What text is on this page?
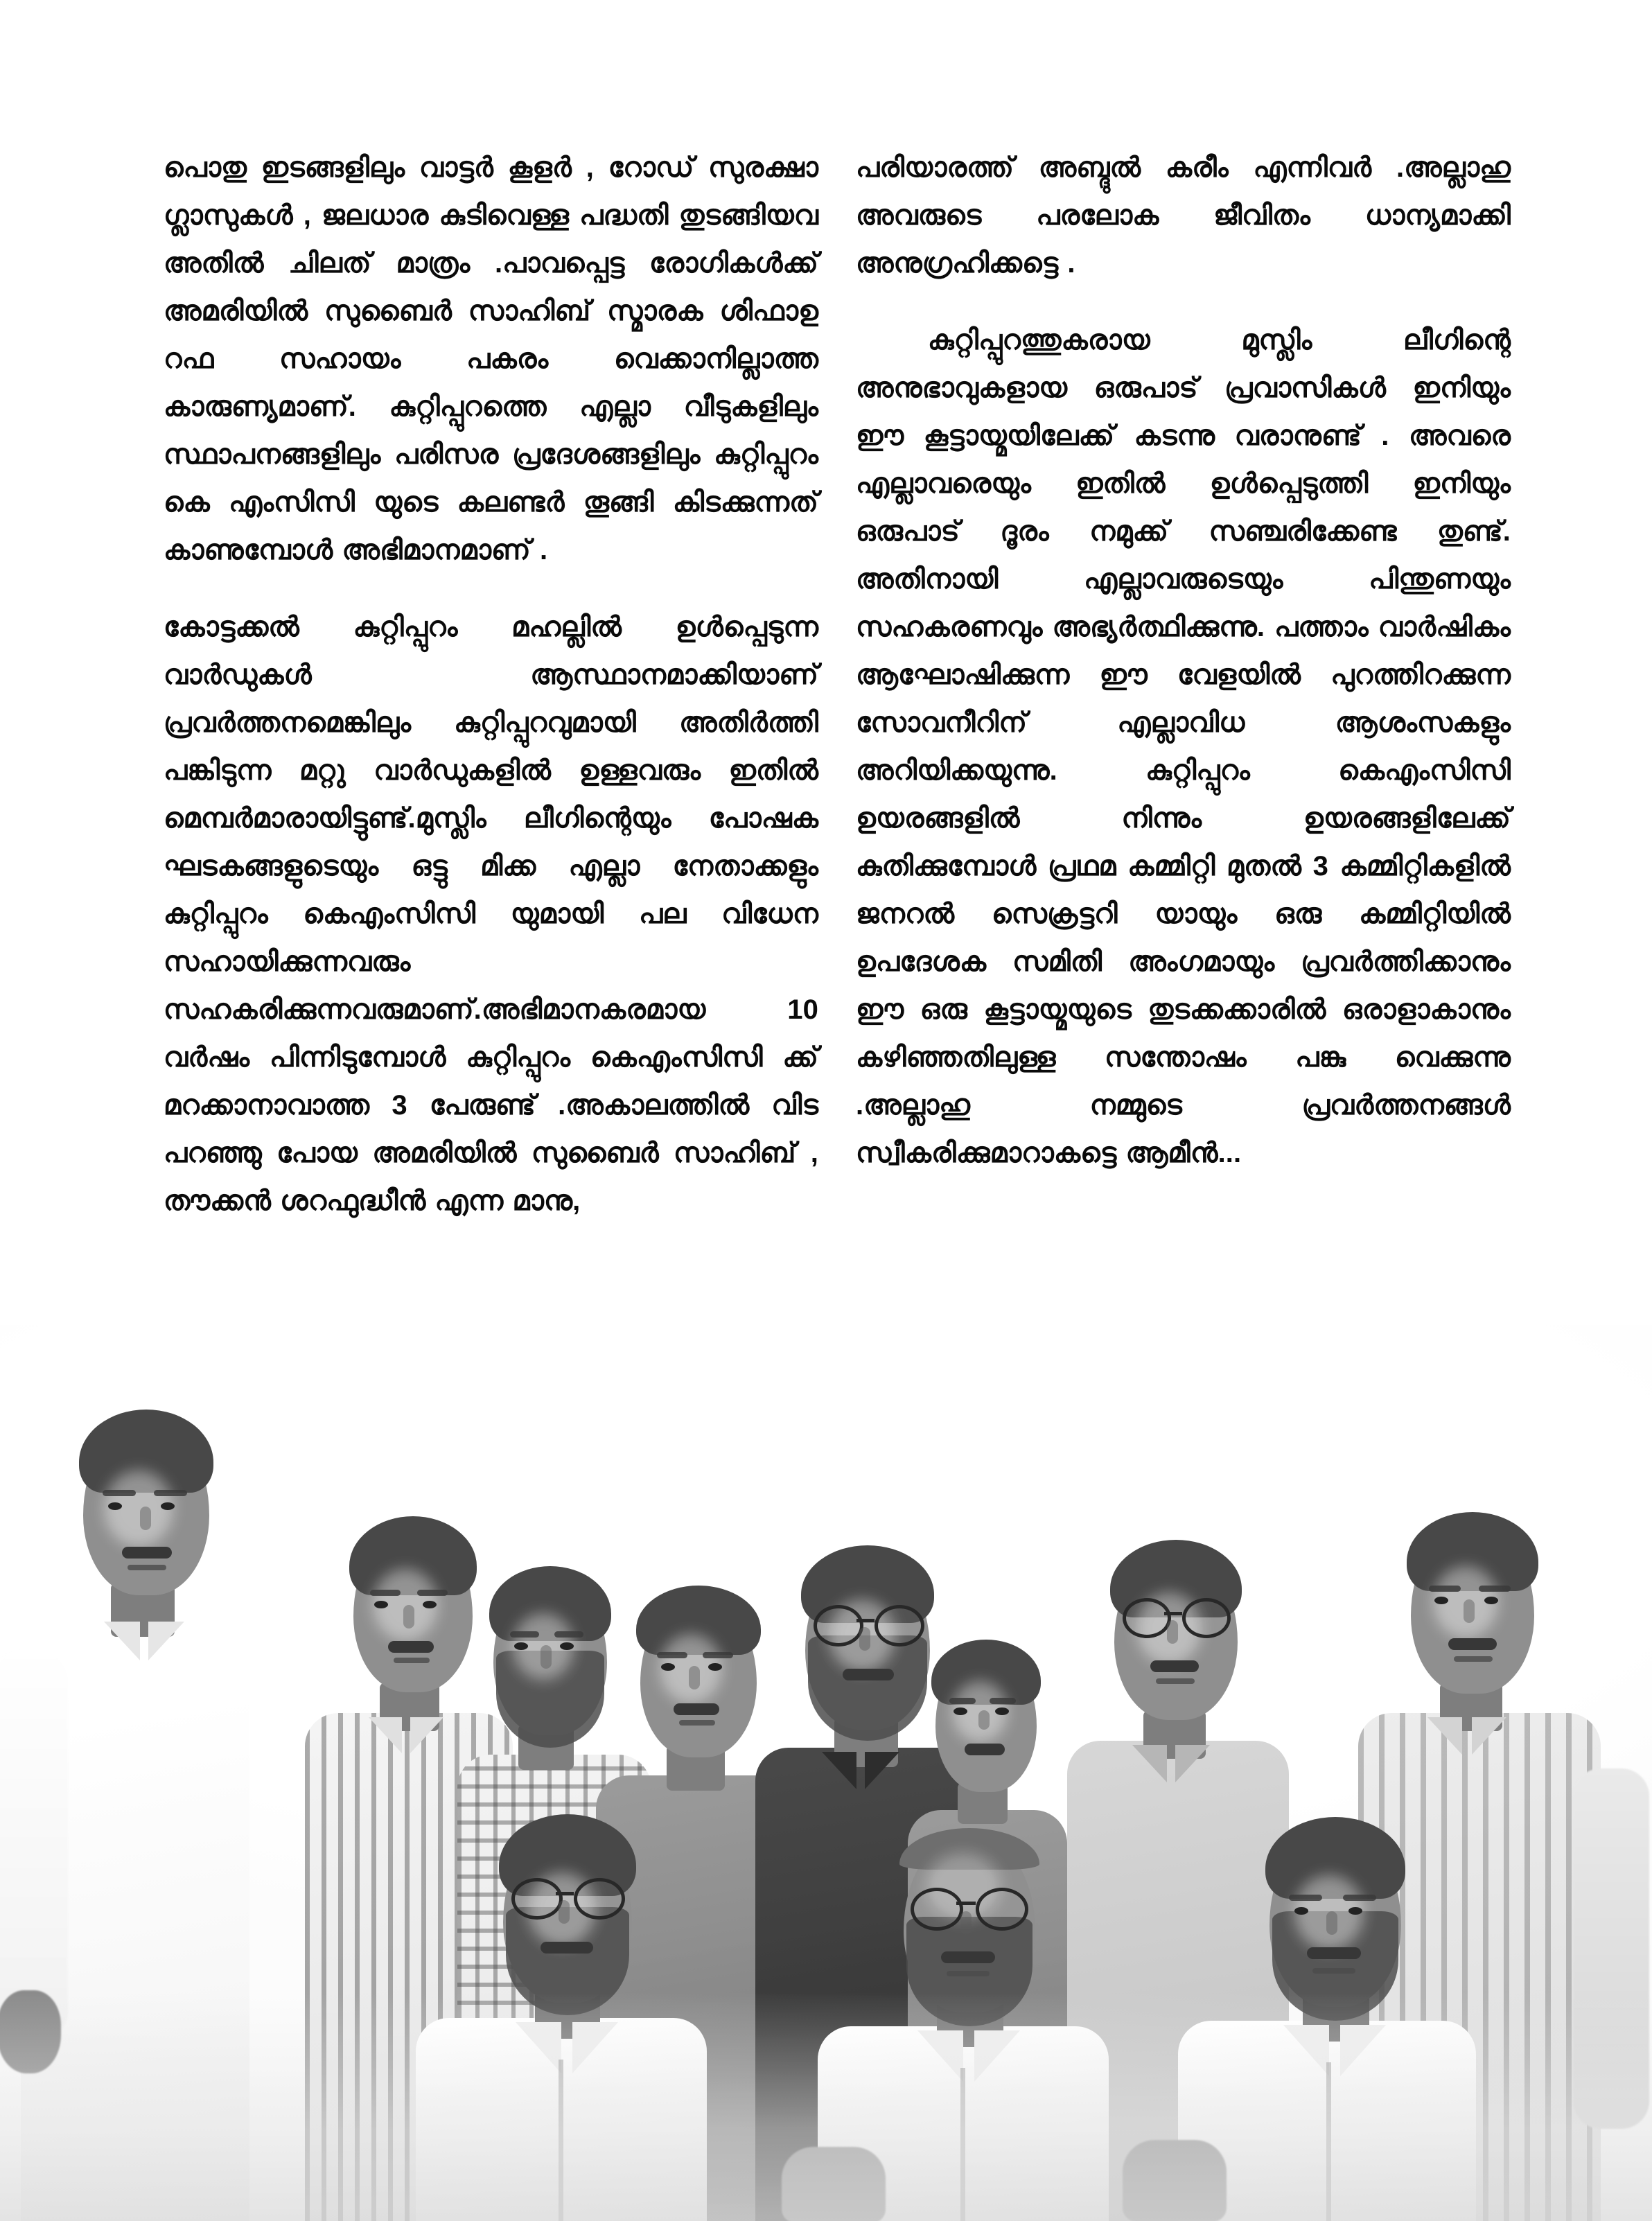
പൊതു ഇടങ്ങളിലും വാട്ടർ കൂളർ , റോഡ് സുരക്ഷാ ഗ്ലാസുകൾ , ജലധാര കുടിവെള്ള പദ്ധതി തുടങ്ങിയവ അതിൽ ചിലത് മാത്രം .പാവപ്പെട്ട രോഗികൾക്ക് അമരിയിൽ സുബൈർ സാഹിബ് സ്മാരക ശിഫാഉ റഫ സഹായം പകരം വെക്കാനില്ലാത്ത കാരുണ്യമാണ്. കുറ്റിപ്പുറത്തെ എല്ലാ വീടുകളിലും സ്ഥാപനങ്ങളിലും പരിസര പ്രദേശങ്ങളിലും കുറ്റിപ്പുറം കെ എംസിസി യുടെ കലണ്ടർ തൂങ്ങി കിടക്കുന്നത് കാണുമ്പോൾ അഭിമാനമാണ് .

കോട്ടക്കൽ കുറ്റിപ്പുറം മഹല്ലിൽ ഉൾപ്പെടുന്ന വാർഡുകൾ ആസ്ഥാനമാക്കിയാണ് പ്രവർത്തനമെങ്കിലും കുറ്റിപ്പുറവുമായി അതിർത്തി പങ്കിടുന്ന മറ്റു വാർഡുകളിൽ ഉള്ളവരും ഇതിൽ മെമ്പർമാരായിട്ടുണ്ട്.മുസ്ലിം ലീഗിന്റെയും പോഷക ഘടകങ്ങളുടെയും ഒട്ടു മിക്ക എല്ലാ നേതാക്കളും കുറ്റിപ്പുറം കെഎംസിസി യുമായി പല വിധേന സഹായിക്കുന്നവരും സഹകരിക്കുന്നവരുമാണ്.അഭിമാനകരമായ 10 വർഷം പിന്നിടുമ്പോൾ കുറ്റിപ്പുറം കെഎംസിസി ക്ക് മറക്കാനാവാത്ത 3 പേരുണ്ട് .അകാലത്തിൽ വിട പറഞ്ഞു പോയ അമരിയിൽ സുബൈർ സാഹിബ് , തൗക്കൻ ശറഫുദ്ധീൻ എന്ന മാനു,

പരിയാരത്ത് അബ്ദുൽ കരീം എന്നിവർ .അല്ലാഹു അവരുടെ പരലോക ജീവിതം ധാന്യമാക്കി അനുഗ്രഹിക്കട്ടെ .

കുറ്റിപ്പുറത്തുകരായ മുസ്ലിം ലീഗിന്റെ അനുഭാവുകളായ ഒരുപാട് പ്രവാസികൾ ഇനിയും ഈ കൂട്ടായ്മയിലേക്ക് കടന്നു വരാനുണ്ട് . അവരെ എല്ലാവരെയും ഇതിൽ ഉൾപ്പെടുത്തി ഇനിയും ഒരുപാട് ദൂരം നമുക്ക് സഞ്ചരിക്കേണ്ട തുണ്ട്. അതിനായി എല്ലാവരുടെയും പിന്തുണയും സഹകരണവും അഭ്യർത്ഥിക്കുന്നു. പത്താം വാർഷികം ആഘോഷിക്കുന്ന ഈ വേളയിൽ പുറത്തിറക്കുന്ന സോവനീറിന് എല്ലാവിധ ആശംസകളും അറിയിക്കയുന്നു. കുറ്റിപ്പുറം കെഎംസിസി ഉയരങ്ങളിൽ നിന്നും ഉയരങ്ങളിലേക്ക് കുതിക്കുമ്പോൾ പ്രഥമ കമ്മിറ്റി മുതൽ 3 കമ്മിറ്റികളിൽ ജനറൽ സെക്രട്ടറി യായും ഒരു കമ്മിറ്റിയിൽ ഉപദേശക സമിതി അംഗമായും പ്രവർത്തിക്കാനും ഈ ഒരു കൂട്ടായ്മയുടെ തുടക്കക്കാരിൽ ഒരാളാകാനും കഴിഞ്ഞതിലുള്ള സന്തോഷം പങ്കു വെക്കുന്നു .അല്ലാഹു നമ്മുടെ പ്രവർത്തനങ്ങൾ സ്വീകരിക്കുമാറാകട്ടെ ആമീൻ...
